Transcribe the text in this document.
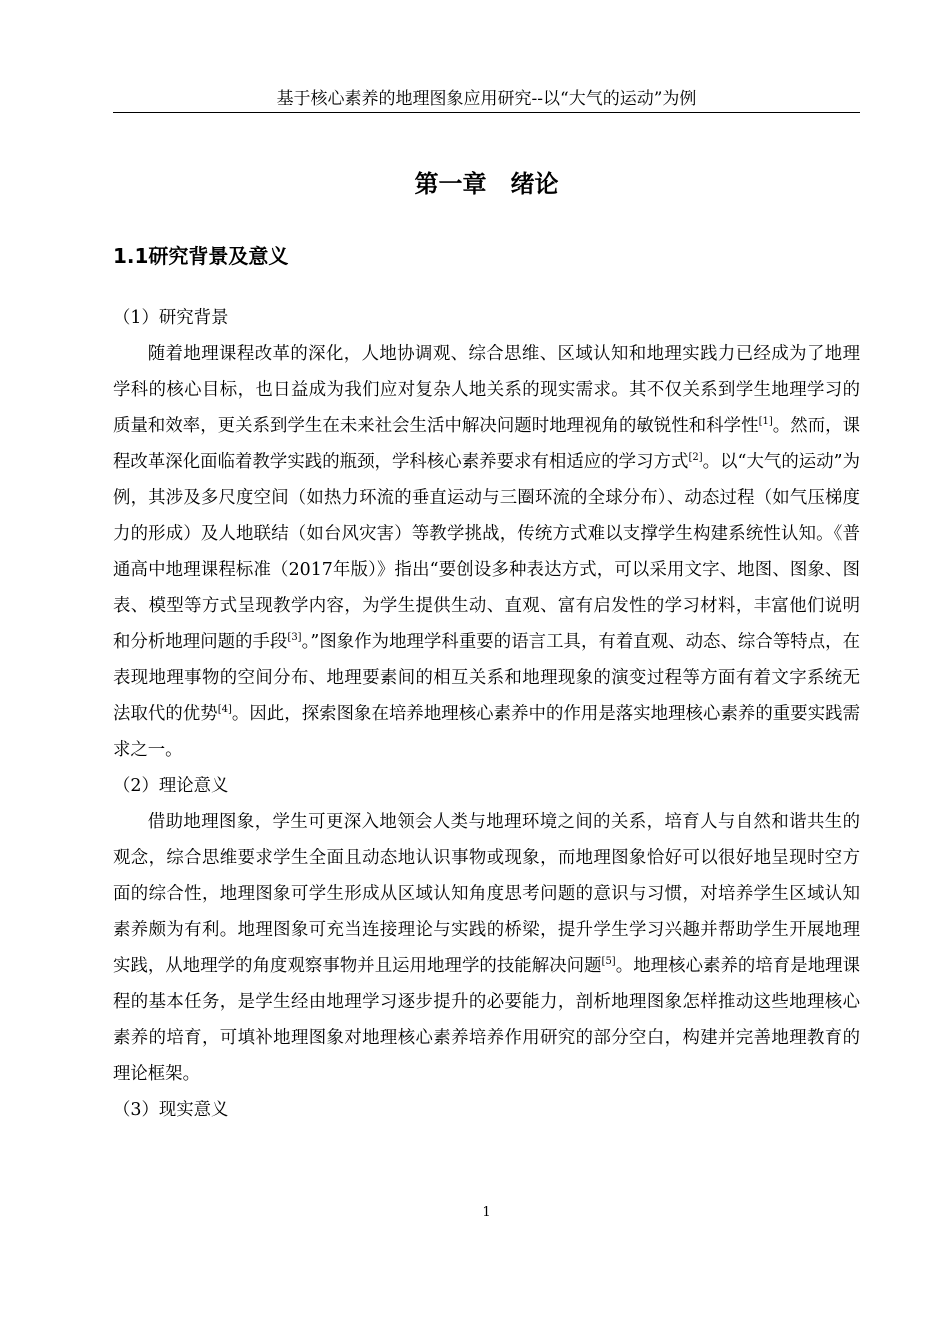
基于核心素养的地理图象应用研究--以“大气的运动”为例
第一章　绪论
1.1研究背景及意义

（1）研究背景

随着地理课程改革的深化，人地协调观、综合思维、区域认知和地理实践力已经成为了地理学科的核心目标，也日益成为我们应对复杂人地关系的现实需求。其不仅关系到学生地理学习的质量和效率，更关系到学生在未来社会生活中解决问题时地理视角的敏锐性和科学性[1]。然而，课程改革深化面临着教学实践的瓶颈，学科核心素养要求有相适应的学习方式[2]。以“大气的运动”为例，其涉及多尺度空间（如热力环流的垂直运动与三圈环流的全球分布）、动态过程（如气压梯度力的形成）及人地联结（如台风灾害）等教学挑战，传统方式难以支撑学生构建系统性认知。《普通高中地理课程标准（2017年版）》指出“要创设多种表达方式，可以采用文字、地图、图象、图表、模型等方式呈现教学内容，为学生提供生动、直观、富有启发性的学习材料，丰富他们说明和分析地理问题的手段[3]。”图象作为地理学科重要的语言工具，有着直观、动态、综合等特点，在表现地理事物的空间分布、地理要素间的相互关系和地理现象的演变过程等方面有着文字系统无法取代的优势[4]。因此，探索图象在培养地理核心素养中的作用是落实地理核心素养的重要实践需求之一。

（2）理论意义

借助地理图象，学生可更深入地领会人类与地理环境之间的关系，培育人与自然和谐共生的观念，综合思维要求学生全面且动态地认识事物或现象，而地理图象恰好可以很好地呈现时空方面的综合性，地理图象可学生形成从区域认知角度思考问题的意识与习惯，对培养学生区域认知素养颇为有利。地理图象可充当连接理论与实践的桥梁，提升学生学习兴趣并帮助学生开展地理实践，从地理学的角度观察事物并且运用地理学的技能解决问题[5]。地理核心素养的培育是地理课程的基本任务，是学生经由地理学习逐步提升的必要能力，剖析地理图象怎样推动这些地理核心素养的培育，可填补地理图象对地理核心素养培养作用研究的部分空白，构建并完善地理教育的理论框架。

（3）现实意义

1
